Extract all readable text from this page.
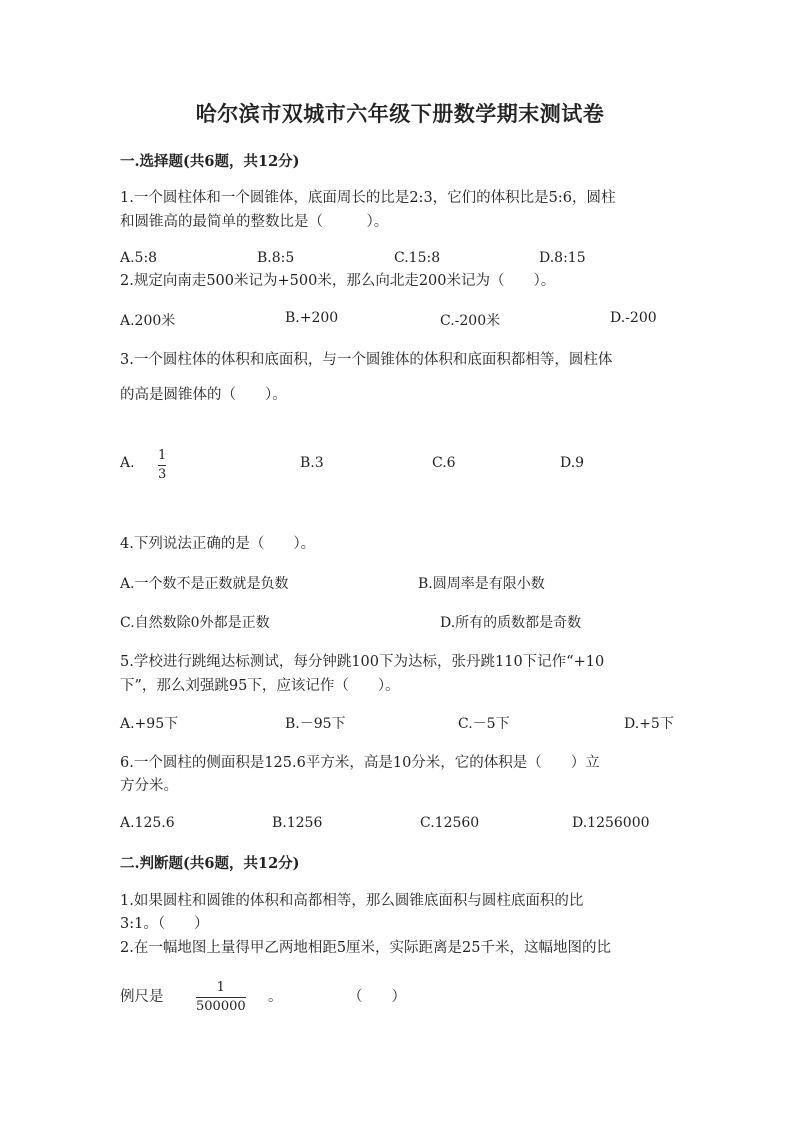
哈尔滨市双城市六年级下册数学期末测试卷
一.选择题(共6题，共12分)
1.一个圆柱体和一个圆锥体，底面周长的比是2:3，它们的体积比是5:6，圆柱
和圆锥高的最简单的整数比是（　　　）。
A.5:8	B.8:5	C.15:8	D.8:15
2.规定向南走500米记为+500米，那么向北走200米记为（　　）。
A.200米	B.+200	C.-200米	D.-200
3.一个圆柱体的体积和底面积，与一个圆锥体的体积和底面积都相等，圆柱体
的高是圆锥体的（　　）。
A. $\frac{1}{3}$	B.3	C.6	D.9
4.下列说法正确的是（　　）。
A.一个数不是正数就是负数	B.圆周率是有限小数
C.自然数除0外都是正数	D.所有的质数都是奇数
5.学校进行跳绳达标测试，每分钟跳100下为达标，张丹跳110下记作“+10
下”，那么刘强跳95下，应该记作（　　）。
A.+95下	B.－95下	C.－5下	D.+5下
6.一个圆柱的侧面积是125.6平方米，高是10分米，它的体积是（　　）立
方分米。
A.125.6	B.1256	C.12560	D.1256000
二.判断题(共6题，共12分)
1.如果圆柱和圆锥的体积和高都相等，那么圆锥底面积与圆柱底面积的比
3:1。（　　）
2.在一幅地图上量得甲乙两地相距5厘米，实际距离是25千米，这幅地图的比
例尺是	$\frac{1}{500000}$ 。	（　　）
